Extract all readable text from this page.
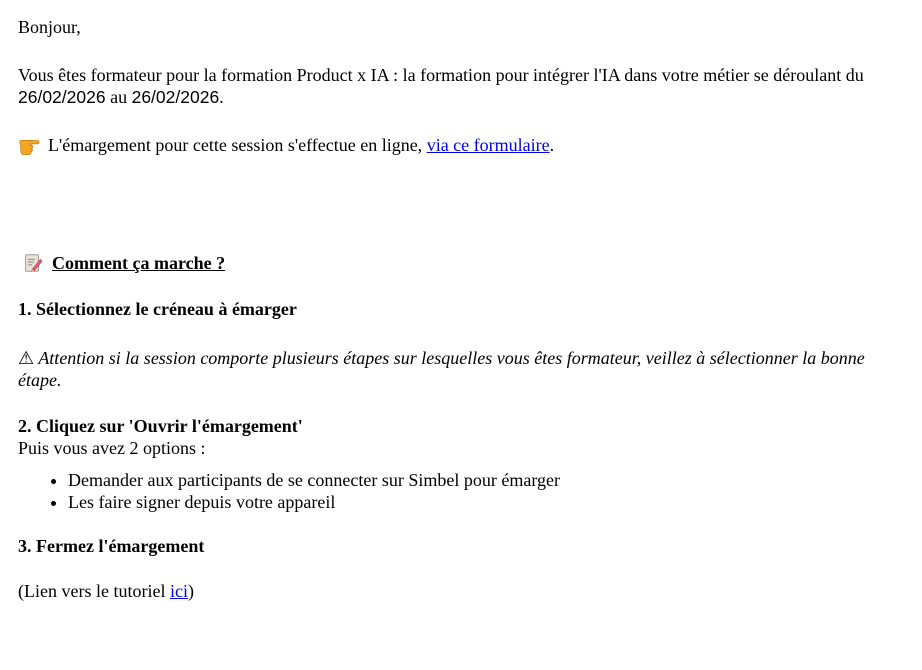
Bonjour,

Vous êtes formateur pour la formation Product x IA : la formation pour intégrer l'IA dans votre métier se déroulant du 26/02/2026 au 26/02/2026.

L'émargement pour cette session s'effectue en ligne,
via ce formulaire .

Comment ça marche ?

1. Sélectionnez le créneau à émarger

⚠ Attention si la session comporte plusieurs étapes sur lesquelles vous êtes formateur, veillez à sélectionner la bonne étape.

2. Cliquez sur 'Ouvrir l'émargement'

Puis vous avez 2 options :

• Demander aux participants de se connecter sur Simbel pour émarger
• Les faire signer depuis votre appareil

3. Fermez l'émargement

(Lien vers le tutoriel ici)
